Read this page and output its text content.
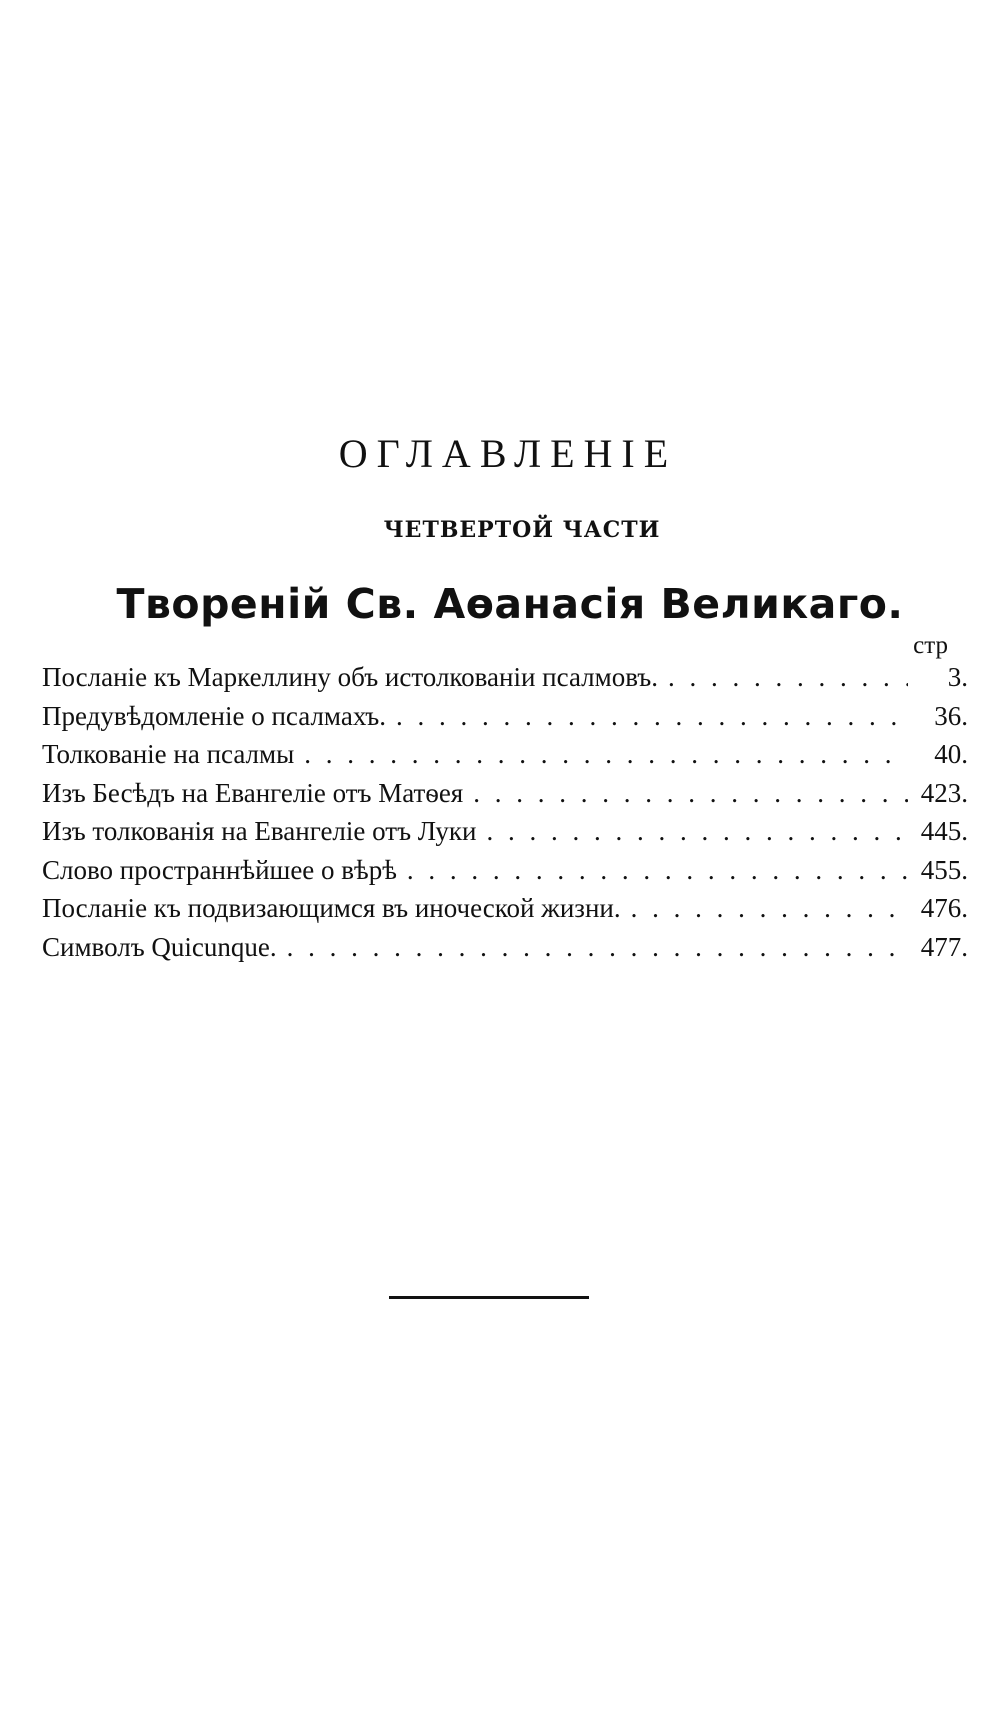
ОГЛАВЛЕНІЕ
ЧЕТВЕРТОЙ ЧАСТИ
Твореній Св. Аѳанасія Великаго.
стр
Посланіе къ Маркеллину объ истолкованіи псалмовъ. . . .	3.
Предувѣдомленіе о псалмахъ. . . .	36.
Толкованіе на псалмы . . .	40.
Изъ Бесѣдъ на Евангеліе отъ Матѳея . . .	423.
Изъ толкованія на Евангеліе отъ Луки . . .	445.
Слово пространнѣйшее о вѣрѣ . . .	455.
Посланіе къ подвизающимся въ иноческой жизни. . . .	476.
Символъ Quicunque. . . .	477.
